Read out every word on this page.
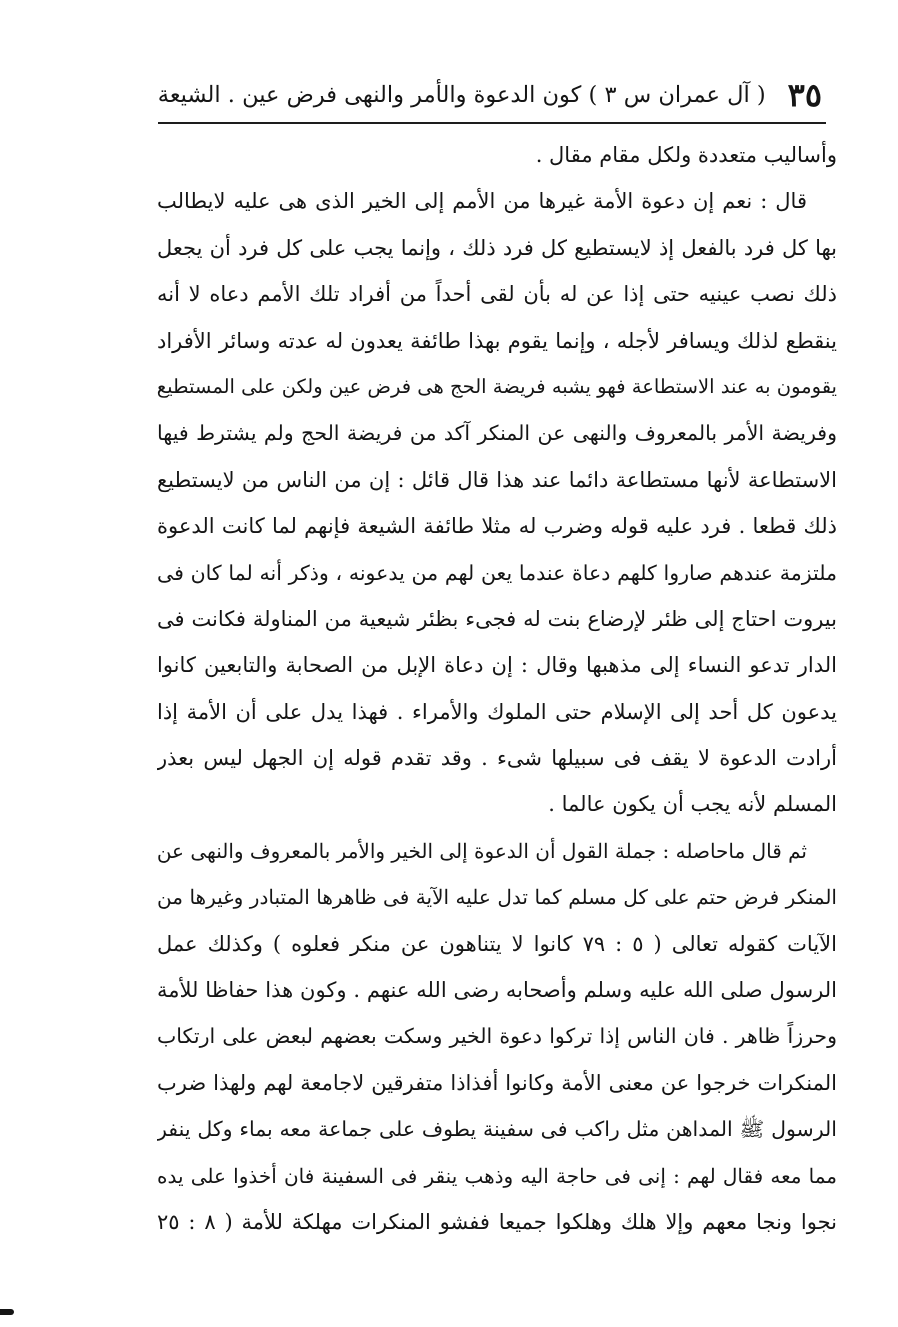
٣٥
( آل عمران س ٣ ) كون الدعوة والأمر والنهى فرض عين . الشيعة
وأساليب متعددة ولكل مقام مقال .
قال : نعم إن دعوة الأمة غيرها من الأمم إلى الخير الذى هى عليه لايطالب
بها كل فرد بالفعل إذ لايستطيع كل فرد ذلك ، وإنما يجب على كل فرد أن يجعل
ذلك نصب عينيه حتى إذا عن له بأن لقى أحداً من أفراد تلك الأمم دعاه لا أنه
ينقطع لذلك ويسافر لأجله ، وإنما يقوم بهذا طائفة يعدون له عدته وسائر الأفراد
يقومون به عند الاستطاعة فهو يشبه فريضة الحج هى فرض عين ولكن على المستطيع
وفريضة الأمر بالمعروف والنهى عن المنكر آكد من فريضة الحج ولم يشترط فيها
الاستطاعة لأنها مستطاعة دائما عند هذا قال قائل : إن من الناس من لايستطيع
ذلك قطعا . فرد عليه قوله وضرب له مثلا طائفة الشيعة فإنهم لما كانت الدعوة
ملتزمة عندهم صاروا كلهم دعاة عندما يعن لهم من يدعونه ، وذكر أنه لما كان فى
بيروت احتاج إلى ظئر لإرضاع بنت له فجىء بظئر شيعية من المناولة فكانت فى
الدار تدعو النساء إلى مذهبها وقال : إن دعاة الإبل من الصحابة والتابعين كانوا
يدعون كل أحد إلى الإسلام حتى الملوك والأمراء . فهذا يدل على أن الأمة إذا
أرادت الدعوة لا يقف فى سبيلها شىء . وقد تقدم قوله إن الجهل ليس بعذر
المسلم لأنه يجب أن يكون عالما .
ثم قال ماحاصله : جملة القول أن الدعوة إلى الخير والأمر بالمعروف والنهى عن
المنكر فرض حتم على كل مسلم كما تدل عليه الآية فى ظاهرها المتبادر وغيرها من
الآيات كقوله تعالى ( ٥ : ٧٩ كانوا لا يتناهون عن منكر فعلوه ) وكذلك عمل
الرسول صلى الله عليه وسلم وأصحابه رضى الله عنهم . وكون هذا حفاظا للأمة
وحرزاً ظاهر . فان الناس إذا تركوا دعوة الخير وسكت بعضهم لبعض على ارتكاب
المنكرات خرجوا عن معنى الأمة وكانوا أفذاذا متفرقين لاجامعة لهم ولهذا ضرب
الرسول ﷺ المداهن مثل راكب فى سفينة يطوف على جماعة معه بماء وكل ينفر
مما معه فقال لهم : إنى فى حاجة اليه وذهب ينقر فى السفينة فان أخذوا على يده
نجوا ونجا معهم وإلا هلك وهلكوا جميعا ففشو المنكرات مهلكة للأمة ( ٨ : ٢٥
